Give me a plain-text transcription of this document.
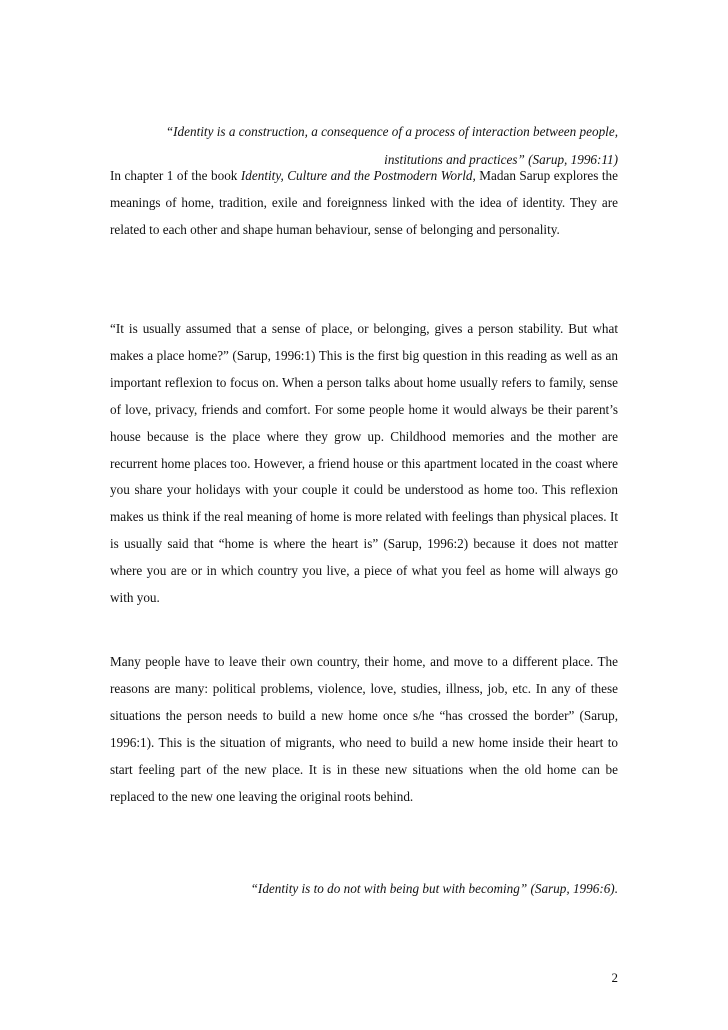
“Identity is a construction, a consequence of a process of interaction between people,
institutions and practices” (Sarup, 1996:11)

In chapter 1 of the book Identity, Culture and the Postmodern World, Madan Sarup explores the meanings of home, tradition, exile and foreignness linked with the idea of identity. They are related to each other and shape human behaviour, sense of belonging and personality.

“It is usually assumed that a sense of place, or belonging, gives a person stability. But what makes a place home?” (Sarup, 1996:1) This is the first big question in this reading as well as an important reflexion to focus on. When a person talks about home usually refers to family, sense of love, privacy, friends and comfort. For some people home it would always be their parent’s house because is the place where they grow up. Childhood memories and the mother are recurrent home places too. However, a friend house or this apartment located in the coast where you share your holidays with your couple it could be understood as home too. This reflexion makes us think if the real meaning of home is more related with feelings than physical places. It is usually said that “home is where the heart is” (Sarup, 1996:2) because it does not matter where you are or in which country you live, a piece of what you feel as home will always go with you.

Many people have to leave their own country, their home, and move to a different place. The reasons are many: political problems, violence, love, studies, illness, job, etc. In any of these situations the person needs to build a new home once s/he “has crossed the border” (Sarup, 1996:1). This is the situation of migrants, who need to build a new home inside their heart to start feeling part of the new place. It is in these new situations when the old home can be replaced to the new one leaving the original roots behind.

“Identity is to do not with being but with becoming” (Sarup, 1996:6).
2
